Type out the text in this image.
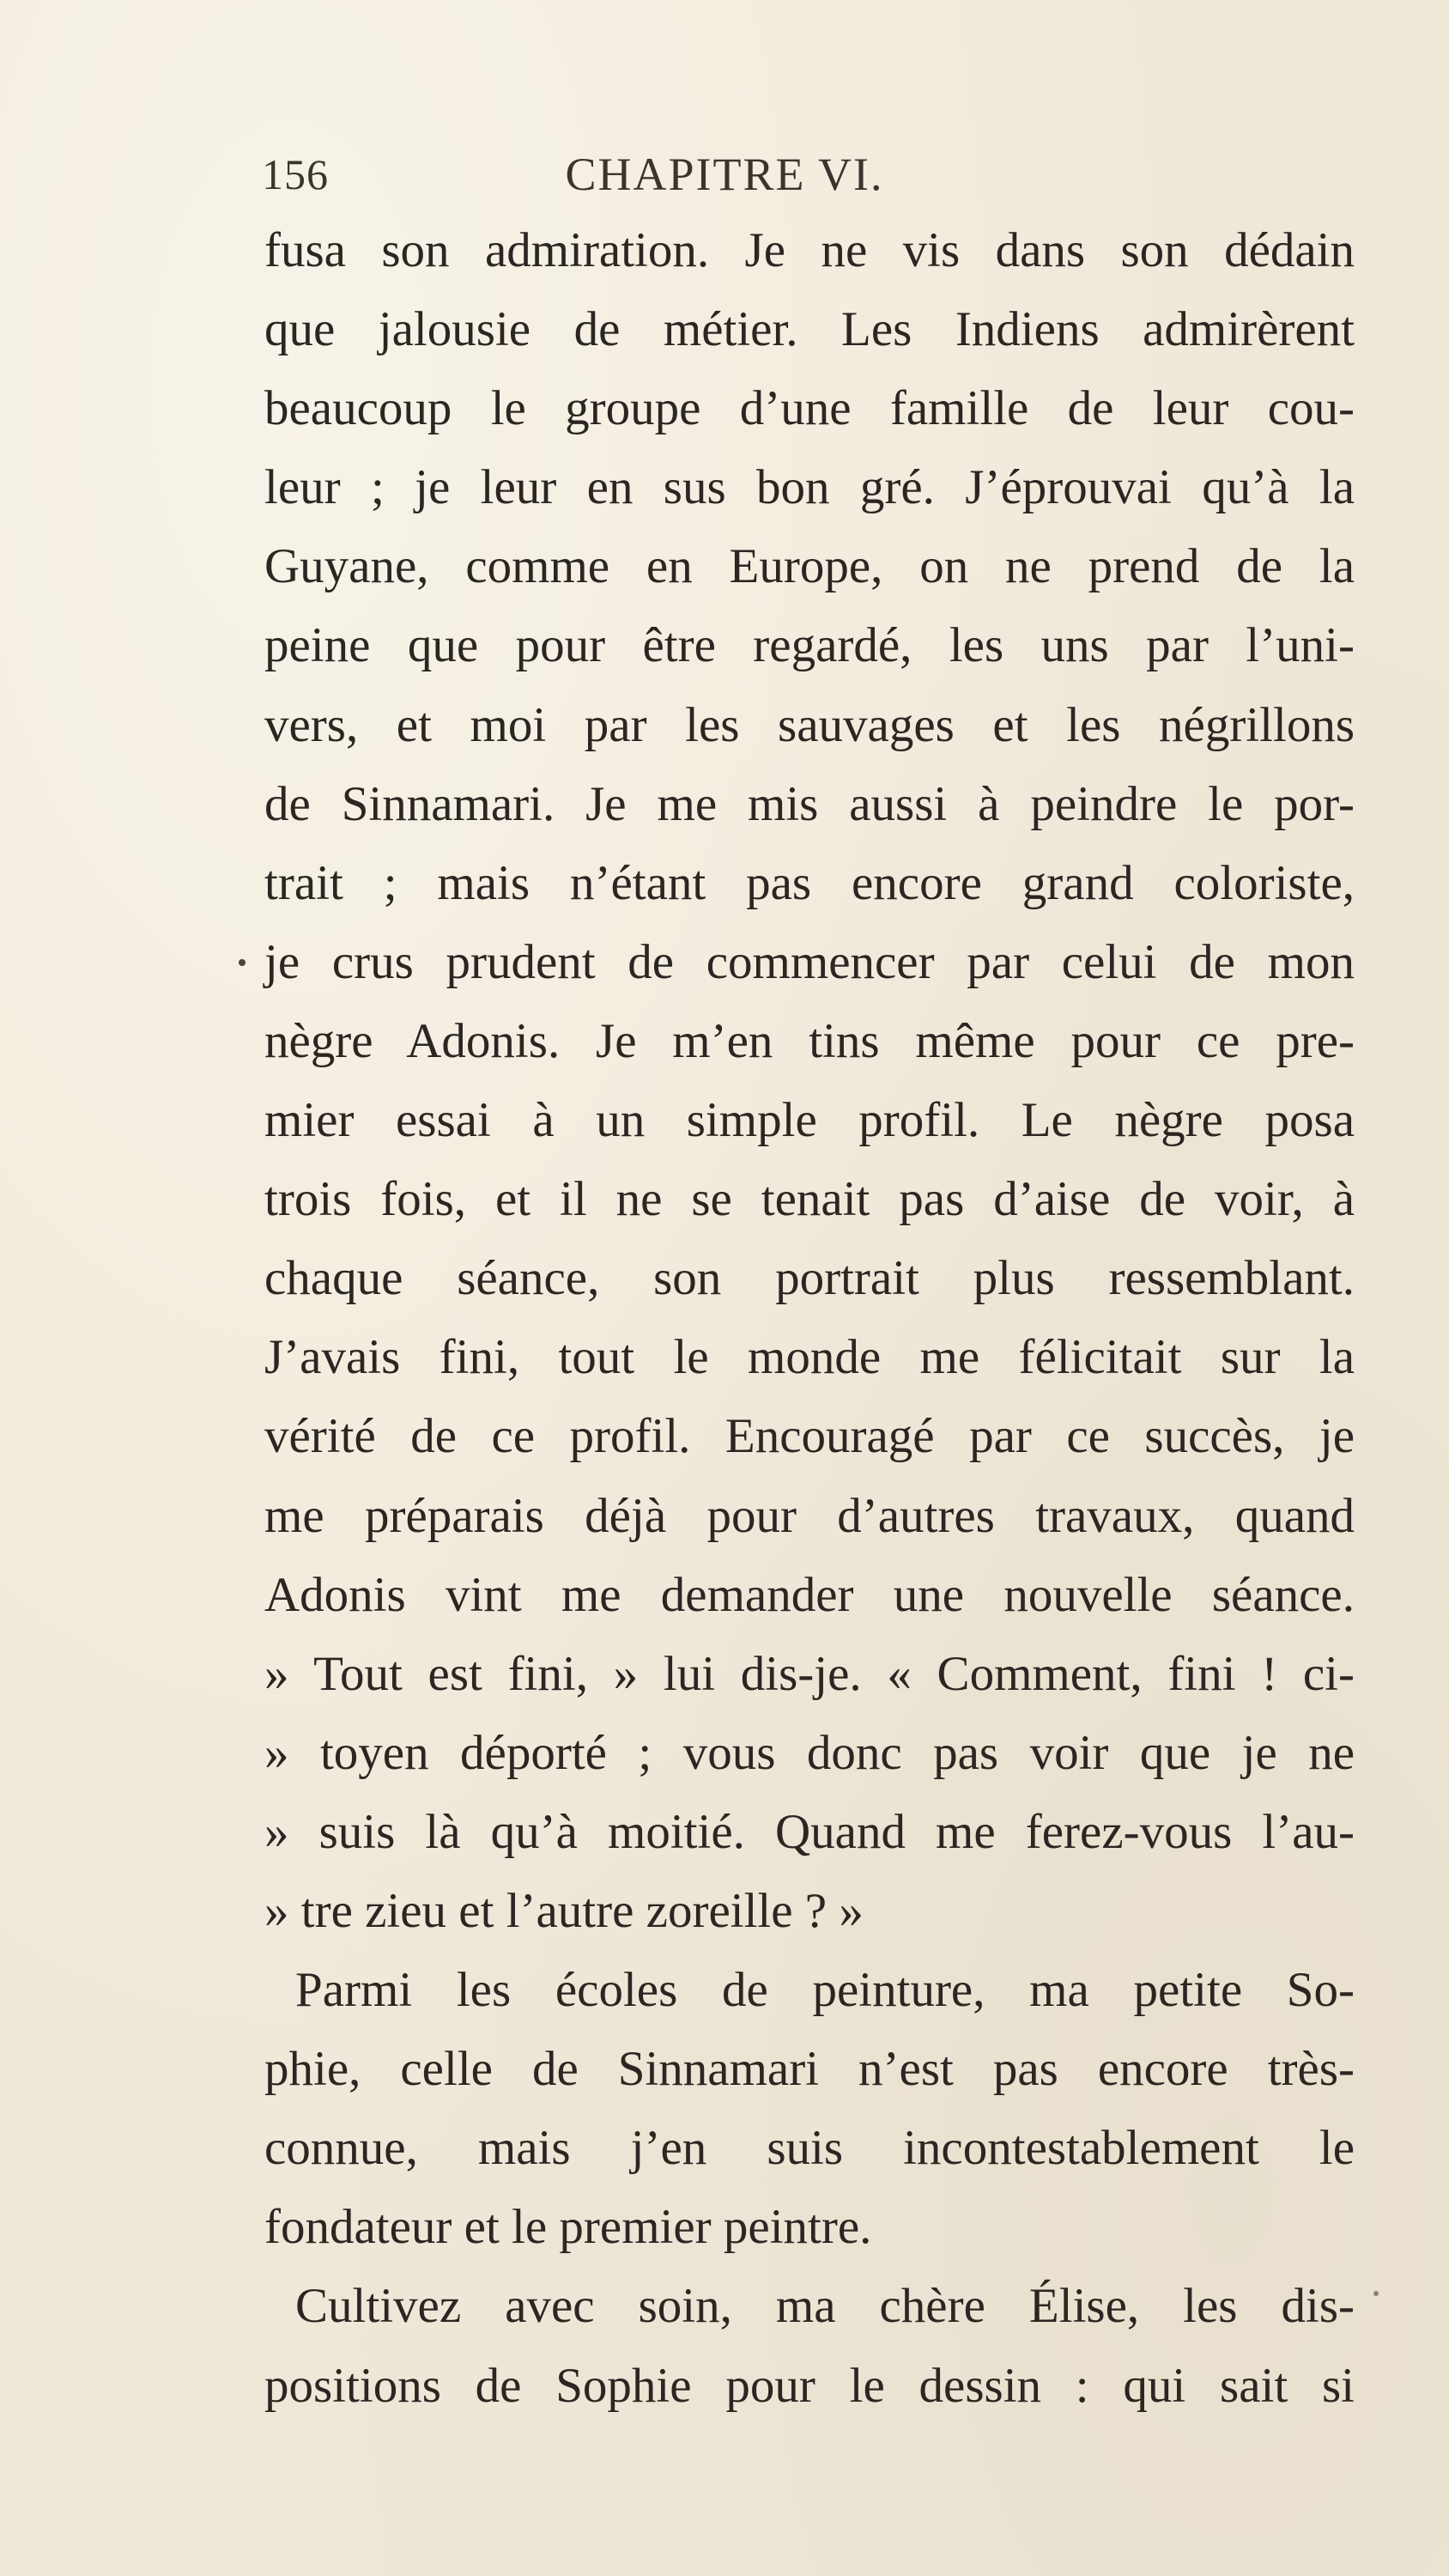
156	CHAPITRE VI.
fusa son admiration. Je ne vis dans son dédain
que jalousie de métier. Les Indiens admirèrent
beaucoup le groupe d’une famille de leur cou-
leur ; je leur en sus bon gré. J’éprouvai qu’à la
Guyane, comme en Europe, on ne prend de la
peine que pour être regardé, les uns par l’uni-
vers, et moi par les sauvages et les négrillons
de Sinnamari. Je me mis aussi à peindre le por-
trait ; mais n’étant pas encore grand coloriste,
je crus prudent de commencer par celui de mon
nègre Adonis. Je m’en tins même pour ce pre-
mier essai à un simple profil. Le nègre posa
trois fois, et il ne se tenait pas d’aise de voir, à
chaque séance, son portrait plus ressemblant.
J’avais fini, tout le monde me félicitait sur la
vérité de ce profil. Encouragé par ce succès, je
me préparais déjà pour d’autres travaux, quand
Adonis vint me demander une nouvelle séance.
» Tout est fini, » lui dis-je. « Comment, fini ! ci-
» toyen déporté ; vous donc pas voir que je ne
» suis là qu’à moitié. Quand me ferez-vous l’au-
» tre zieu et l’autre zoreille ? »
Parmi les écoles de peinture, ma petite So-
phie, celle de Sinnamari n’est pas encore très-
connue, mais j’en suis incontestablement le
fondateur et le premier peintre.
Cultivez avec soin, ma chère Élise, les dis-
positions de Sophie pour le dessin : qui sait si
